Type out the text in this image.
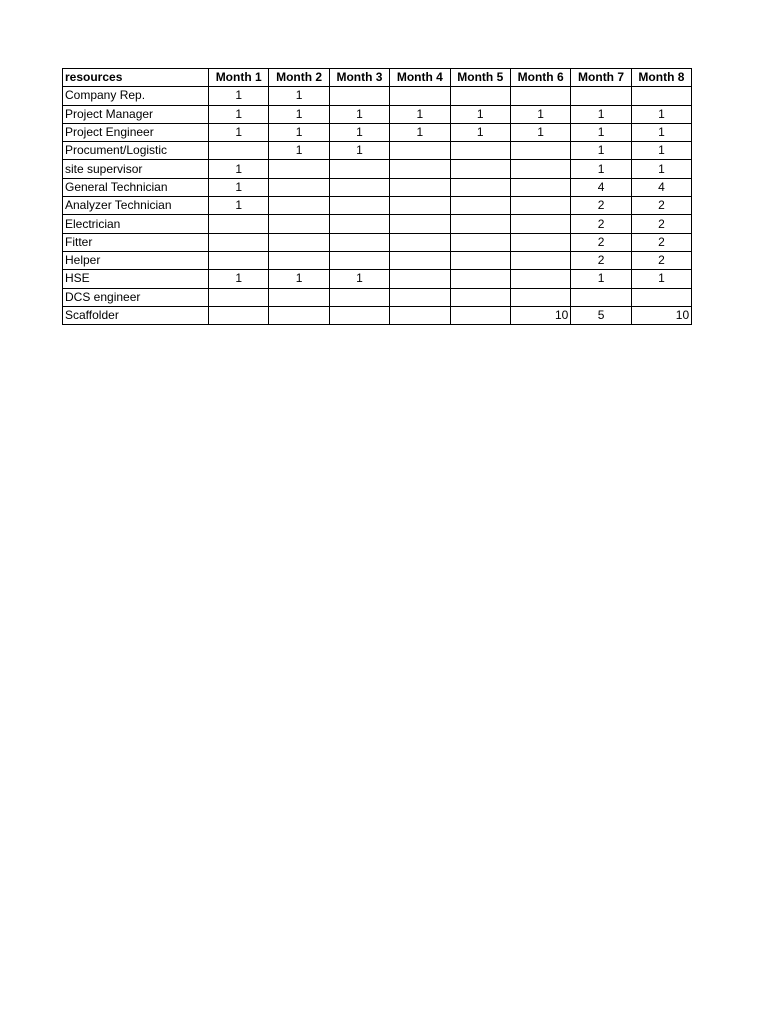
resources	Month 1	Month 2	Month 3	Month 4	Month 5	Month 6	Month 7	Month 8
Company Rep.	1	1						
Project Manager	1	1	1	1	1	1	1	1
Project Engineer	1	1	1	1	1	1	1	1
Procument/Logistic		1	1				1	1
site supervisor	1						1	1
General Technician	1						4	4
Analyzer Technician	1						2	2
Electrician							2	2
Fitter							2	2
Helper							2	2
HSE	1	1	1				1	1
DCS engineer								
Scaffolder						10	5	10
